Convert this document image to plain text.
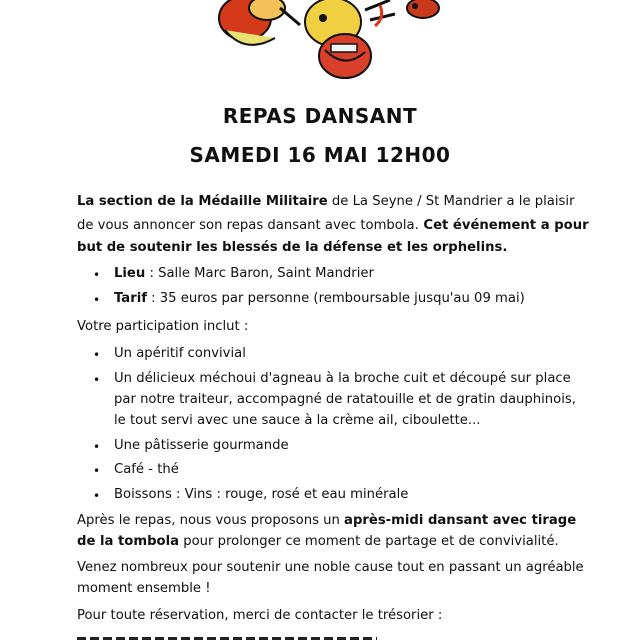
REPAS DANSANT
SAMEDI 16 MAI 12H00
La section de la Médaille Militaire de La Seyne / St Mandrier a le plaisir
de vous annoncer son repas dansant avec tombola. Cet événement a pour
but de soutenir les blessés de la défense et les orphelins.
• Lieu : Salle Marc Baron, Saint Mandrier
• Tarif : 35 euros par personne (remboursable jusqu'au 09 mai)
Votre participation inclut :
• Un apéritif convivial
• Un délicieux méchoui d'agneau à la broche cuit et découpé sur place
par notre traiteur, accompagné de ratatouille et de gratin dauphinois,
le tout servi avec une sauce à la crème ail, ciboulette...
• Une pâtisserie gourmande
• Café - thé
• Boissons : Vins : rouge, rosé et eau minérale
Après le repas, nous vous proposons un après-midi dansant avec tirage
de la tombola pour prolonger ce moment de partage et de convivialité.
Venez nombreux pour soutenir une noble cause tout en passant un agréable
moment ensemble !
Pour toute réservation, merci de contacter le trésorier :
